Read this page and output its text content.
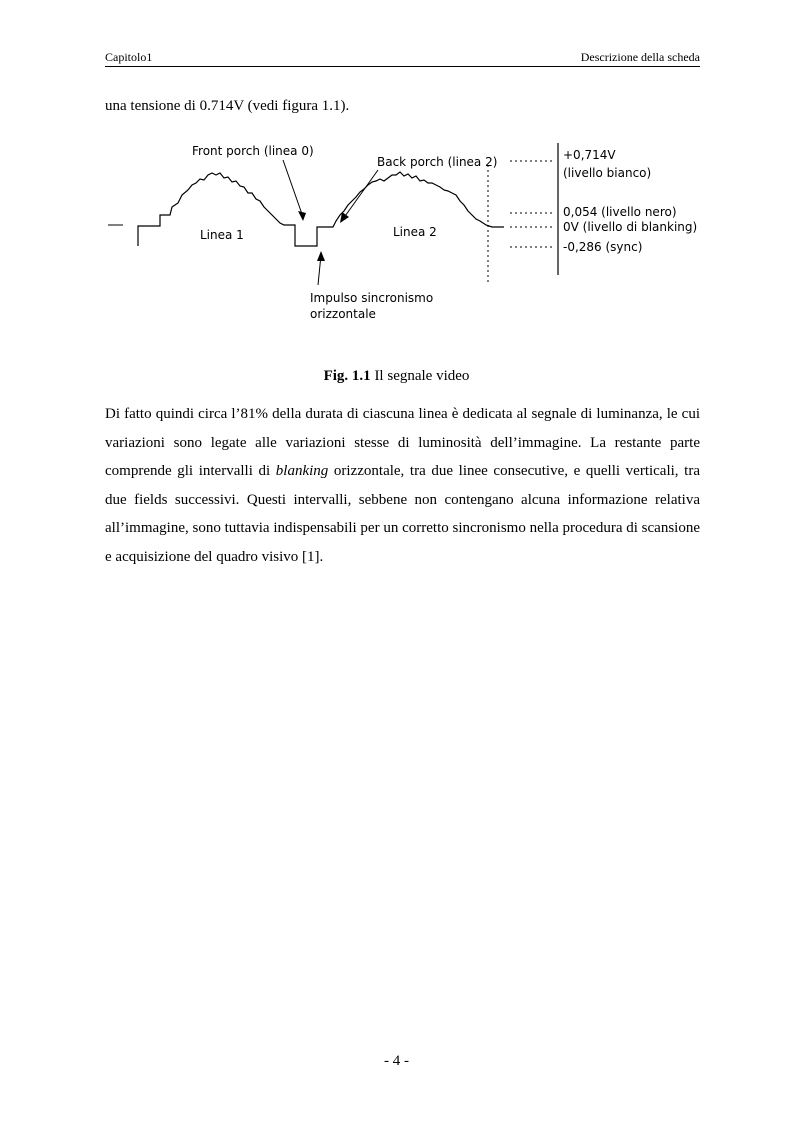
Capitolo1	Descrizione della scheda
una tensione di 0.714V (vedi figura 1.1).
Front porch (linea 0)
Back porch (linea 2)
Linea 1	Linea 2
Impulso sincronismo
orizzontale
+0,714V
(livello bianco)
0,054 (livello nero)
0V (livello di blanking)
-0,286 (sync)
Fig. 1.1 Il segnale video

Di fatto quindi circa l’81% della durata di ciascuna linea è dedicata al segnale di luminanza, le cui variazioni sono legate alle variazioni stesse di luminosità dell’immagine. La restante parte comprende gli intervalli di blanking orizzontale, tra due linee consecutive, e quelli verticali, tra due fields successivi. Questi intervalli, sebbene non contengano alcuna informazione relativa all’immagine, sono tuttavia indispensabili per un corretto sincronismo nella procedura di scansione e acquisizione del quadro visivo [1].

- 4 -
